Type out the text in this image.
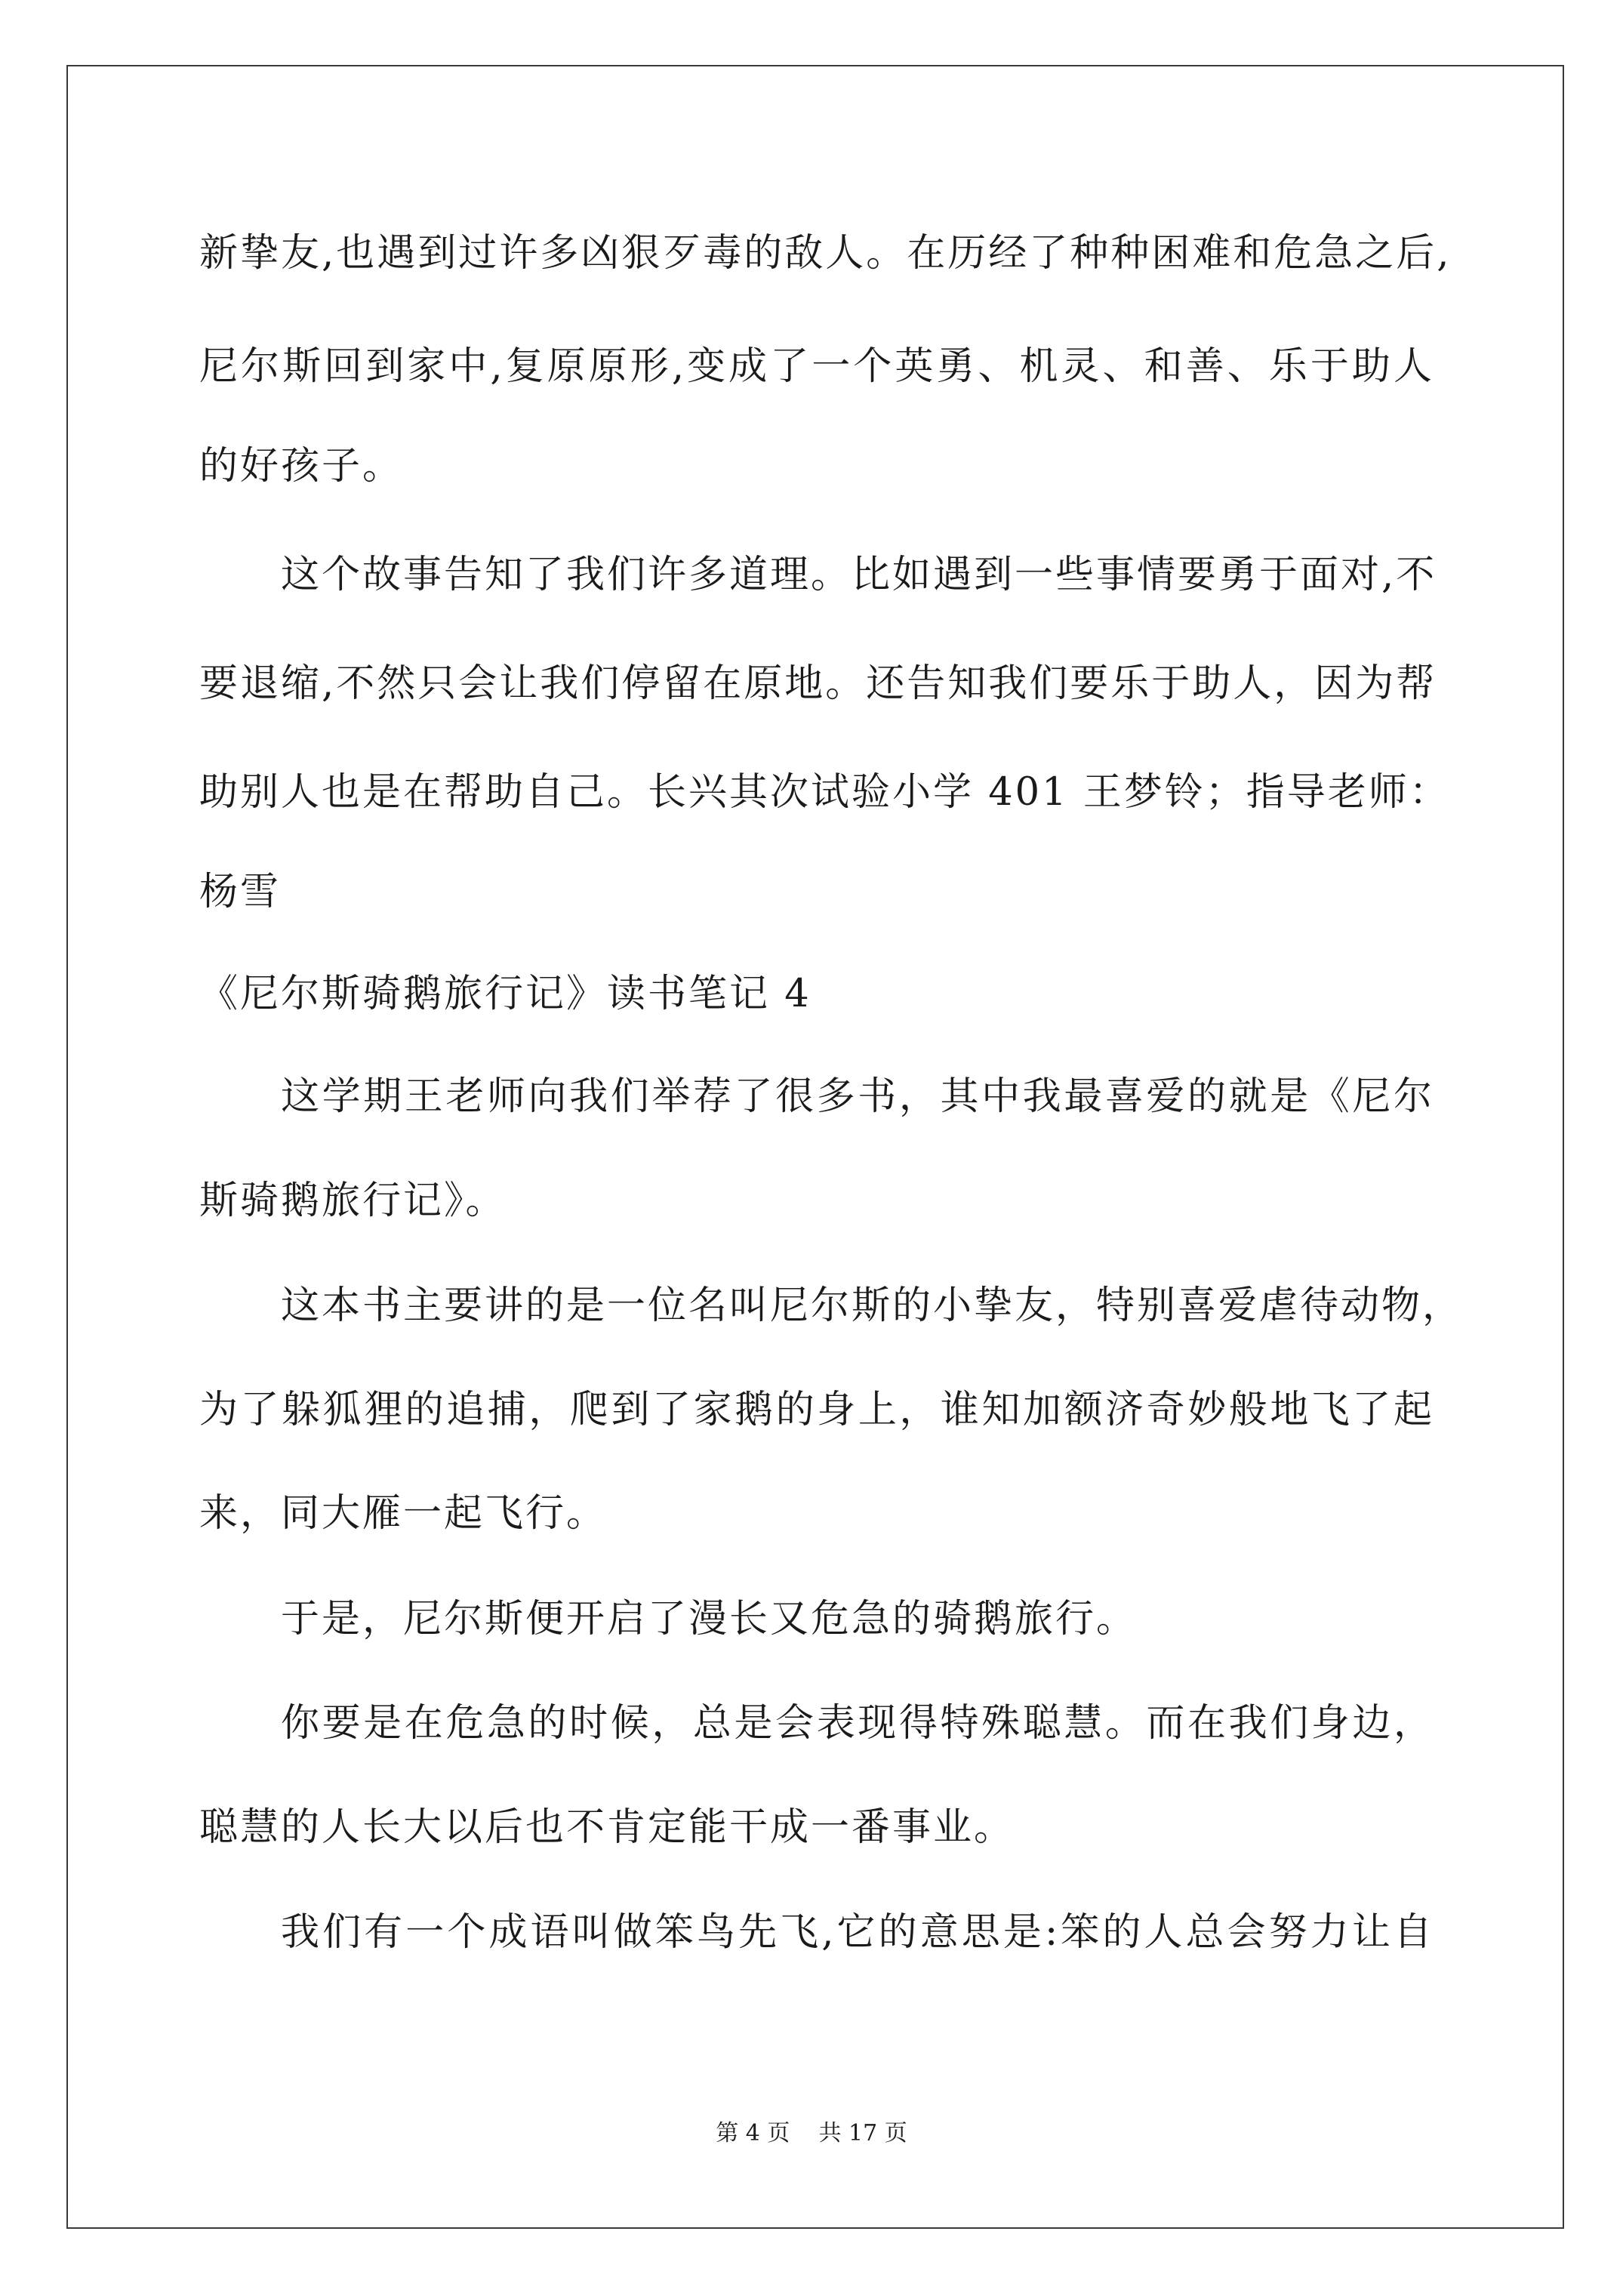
新挚友,也遇到过许多凶狠歹毒的敌人。在历经了种种困难和危急之后,
尼尔斯回到家中,复原原形,变成了一个英勇、机灵、和善、乐于助人
的好孩子。
这个故事告知了我们许多道理。比如遇到一些事情要勇于面对,不
要退缩,不然只会让我们停留在原地。还告知我们要乐于助人，因为帮
助别人也是在帮助自己。长兴其次试验小学 401 王梦铃；指导老师：
杨雪
《尼尔斯骑鹅旅行记》读书笔记 4
这学期王老师向我们举荐了很多书，其中我最喜爱的就是《尼尔
斯骑鹅旅行记》。
这本书主要讲的是一位名叫尼尔斯的小挚友，特别喜爱虐待动物，
为了躲狐狸的追捕，爬到了家鹅的身上，谁知加额济奇妙般地飞了起
来，同大雁一起飞行。
于是，尼尔斯便开启了漫长又危急的骑鹅旅行。
你要是在危急的时候，总是会表现得特殊聪慧。而在我们身边，
聪慧的人长大以后也不肯定能干成一番事业。
我们有一个成语叫做笨鸟先飞,它的意思是:笨的人总会努力让自
第 4 页    共 17 页
